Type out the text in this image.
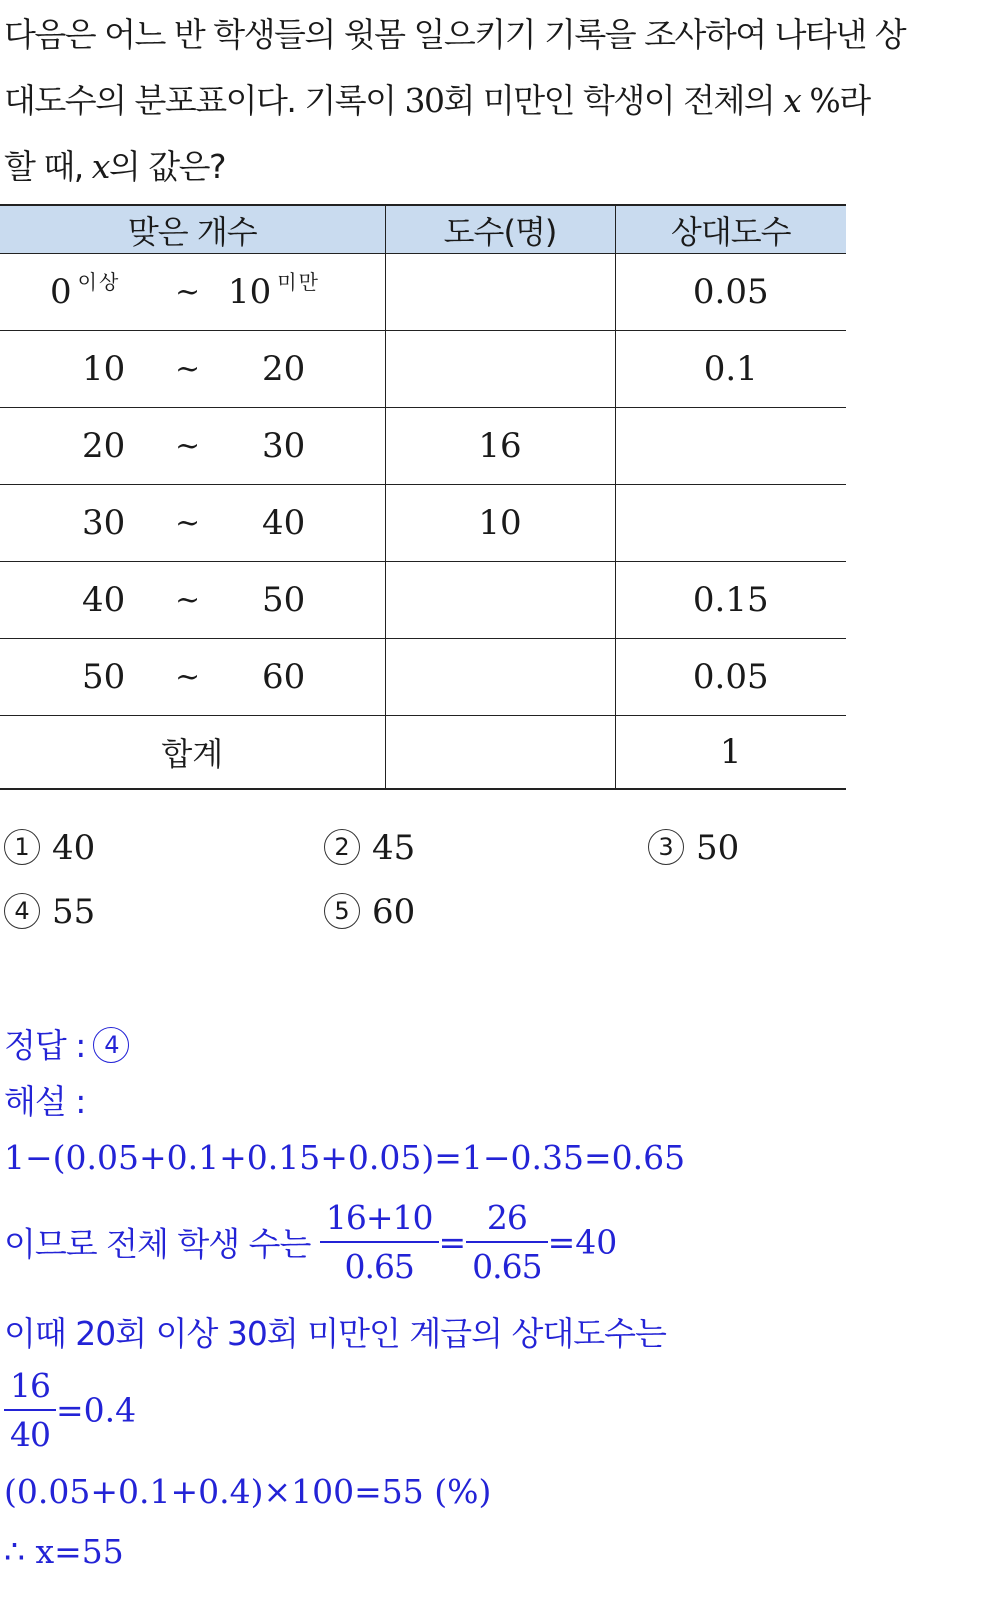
다음은 어느 반 학생들의 윗몸 일으키기 기록을 조사하여 나타낸 상
대도수의 분포표이다. 기록이 30회 미만인 학생이 전체의 x %라
할 때, x의 값은?
맞은 개수	도수(명)	상대도수

0 $^{이상}$ ~ 10 $^{미만}$		0.05

10 ~ 20		0.1

20 ~ 30	16	

30 ~ 40	10	

40 ~ 50		0.15

50 ~ 60		0.05
합계		1
1 40	2 45	3 50
4 55	5 60
정답 : 4
해설 :
1−(0.05+0.1+0.15+0.05)=1−0.35=0.65
이므로 전체 학생 수는 $\frac{16+10}{0.65} = \frac{26}{0.65} =40$
이때 20회 이상 30회 미만인 계급의 상대도수는
$\frac{16}{40} =0.4$
(0.05+0.1+0.4)×100=55 (%)
∴ x=55
